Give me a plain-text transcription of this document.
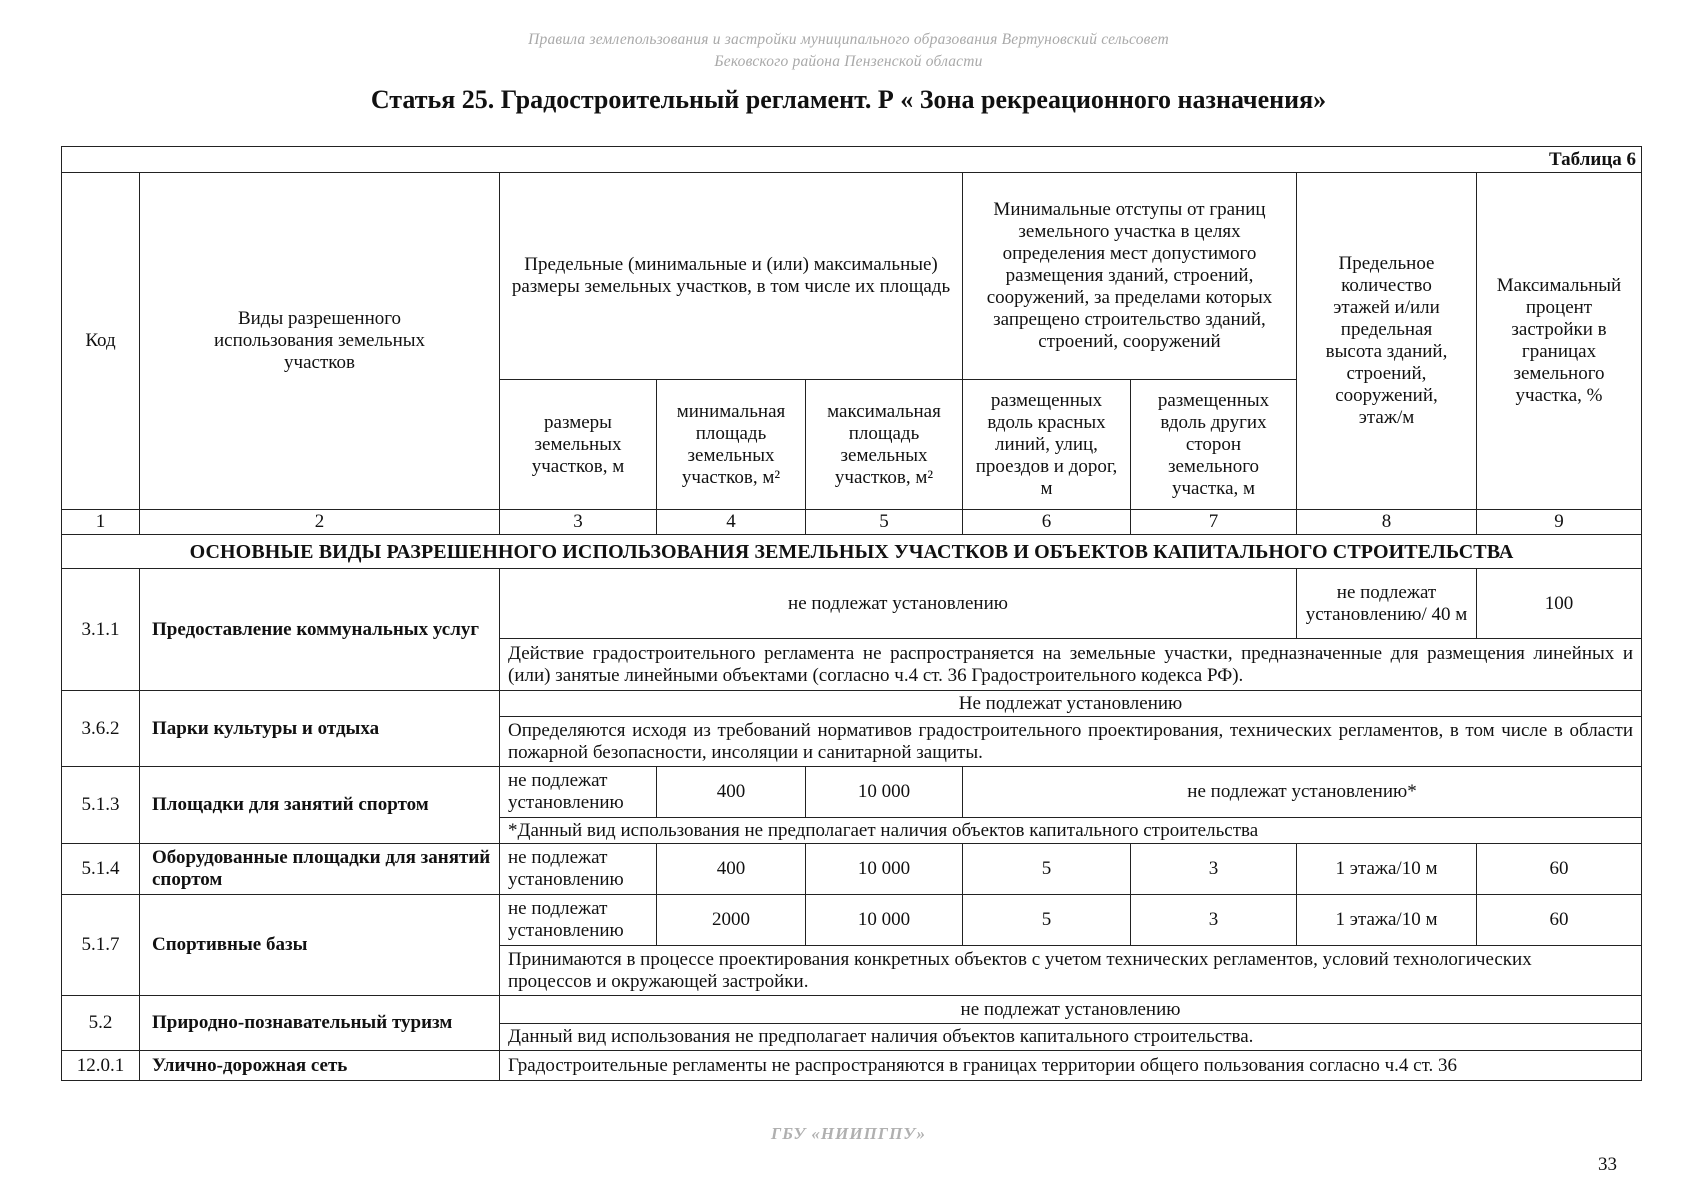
Правила землепользования и застройки муниципального образования Вертуновский сельсовет
Бековского района Пензенской области
Статья 25. Градостроительный регламент. Р « Зона рекреационного назначения»
Таблица 6								
Код	Виды разрешенного использования земельных участков	Предельные (минимальные и (или) максимальные) размеры земельных участков, в том числе их площадь			Минимальные отступы от границ земельного участка в целях определения мест допустимого размещения зданий, строений, сооружений, за пределами которых запрещено строительство зданий, строений, сооружений		Предельное количество этажей и/или предельная высота зданий, строений, сооружений, этаж/м	Максимальный процент застройки в границах земельного участка, %
		размеры земельных участков, м	минимальная площадь земельных участков, м²	максимальная площадь земельных участков, м²	размещенных вдоль красных линий, улиц, проездов и дорог, м	размещенных вдоль других сторон земельного участка, м		
1	2	3	4	5	6	7	8	9
ОСНОВНЫЕ ВИДЫ РАЗРЕШЕННОГО ИСПОЛЬЗОВАНИЯ ЗЕМЕЛЬНЫХ УЧАСТКОВ И ОБЪЕКТОВ КАПИТАЛЬНОГО СТРОИТЕЛЬСТВА								
3.1.1	Предоставление коммунальных услуг	не подлежат установлению					не подлежат установлению/ 40 м	100
		Действие градостроительного регламента не распространяется на земельные участки, предназначенные для размещения линейных и (или) занятые линейными объектами (согласно ч.4 ст. 36 Градостроительного кодекса РФ).						
3.6.2	Парки культуры и отдыха	Не подлежат установлению						
		Определяются исходя из требований нормативов градостроительного проектирования, технических регламентов, в том числе в области пожарной безопасности, инсоляции и санитарной защиты.						
5.1.3	Площадки для занятий спортом	не подлежат установлению	400	10 000	не подлежат установлению*			
		*Данный вид использования не предполагает наличия объектов капитального строительства						
5.1.4	Оборудованные площадки для занятий спортом	не подлежат установлению	400	10 000	5	3	1 этажа/10 м	60
5.1.7	Спортивные базы	не подлежат установлению	2000	10 000	5	3	1 этажа/10 м	60
		Принимаются в процессе проектирования конкретных объектов с учетом технических регламентов, условий технологических процессов и окружающей застройки.						
5.2	Природно-познавательный туризм	не подлежат установлению						
		Данный вид использования не предполагает наличия объектов капитального строительства.						
12.0.1	Улично-дорожная сеть	Градостроительные регламенты не распространяются в границах территории общего пользования согласно ч.4 ст. 36						
ГБУ «НИИПГПУ»
33
